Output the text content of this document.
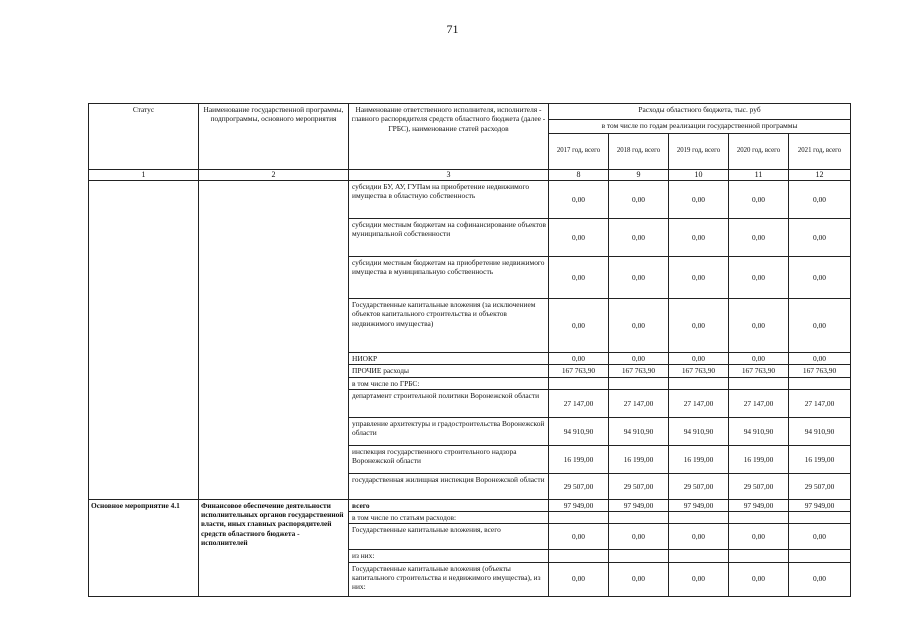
71
Статус	Наименование государственной программы, подпрограммы, основного мероприятия	Наименование ответственного исполнителя, исполнителя - главного распорядителя средств областного бюджета (далее - ГРБС), наименование статей расходов	Расходы областного бюджета, тыс. руб				
			в том числе по годам реализации государственной программы				
			2017 год, всего	2018 год, всего	2019 год, всего	2020 год, всего	2021 год, всего
1	2	3	8	9	10	11	12
		субсидии БУ, АУ, ГУПам на приобретение недвижимого имущества в областную собственность	0,00	0,00	0,00	0,00	0,00
		субсидии местным бюджетам на софинансирование объектов муниципальной собственности	0,00	0,00	0,00	0,00	0,00
		субсидии местным бюджетам на приобретение недвижимого имущества в муниципальную собственность	0,00	0,00	0,00	0,00	0,00
		Государственные капитальные вложения (за исключением объектов капитального строительства и объектов недвижимого имущества)	0,00	0,00	0,00	0,00	0,00
		НИОКР	0,00	0,00	0,00	0,00	0,00
		ПРОЧИЕ расходы	167 763,90	167 763,90	167 763,90	167 763,90	167 763,90
		в том числе по ГРБС:					
		департамент строительной политики Воронежской области	27 147,00	27 147,00	27 147,00	27 147,00	27 147,00
		управление архитектуры и градостроительства Воронежской области	94 910,90	94 910,90	94 910,90	94 910,90	94 910,90
		инспекция государственного строительного надзора Воронежской области	16 199,00	16 199,00	16 199,00	16 199,00	16 199,00
		государственная жилищная инспекция Воронежской области	29 507,00	29 507,00	29 507,00	29 507,00	29 507,00
Основное мероприятие 4.1	Финансовое обеспечение деятельности исполнительных органов государственной власти, иных главных распорядителей средств областного бюджета - исполнителей	всего	97 949,00	97 949,00	97 949,00	97 949,00	97 949,00
		в том числе по статьям расходов:					
		Государственные капитальные вложения, всего	0,00	0,00	0,00	0,00	0,00
		из них:					
		Государственные капитальные вложения (объекты капитального строительства и недвижимого имущества), из них:	0,00	0,00	0,00	0,00	0,00
